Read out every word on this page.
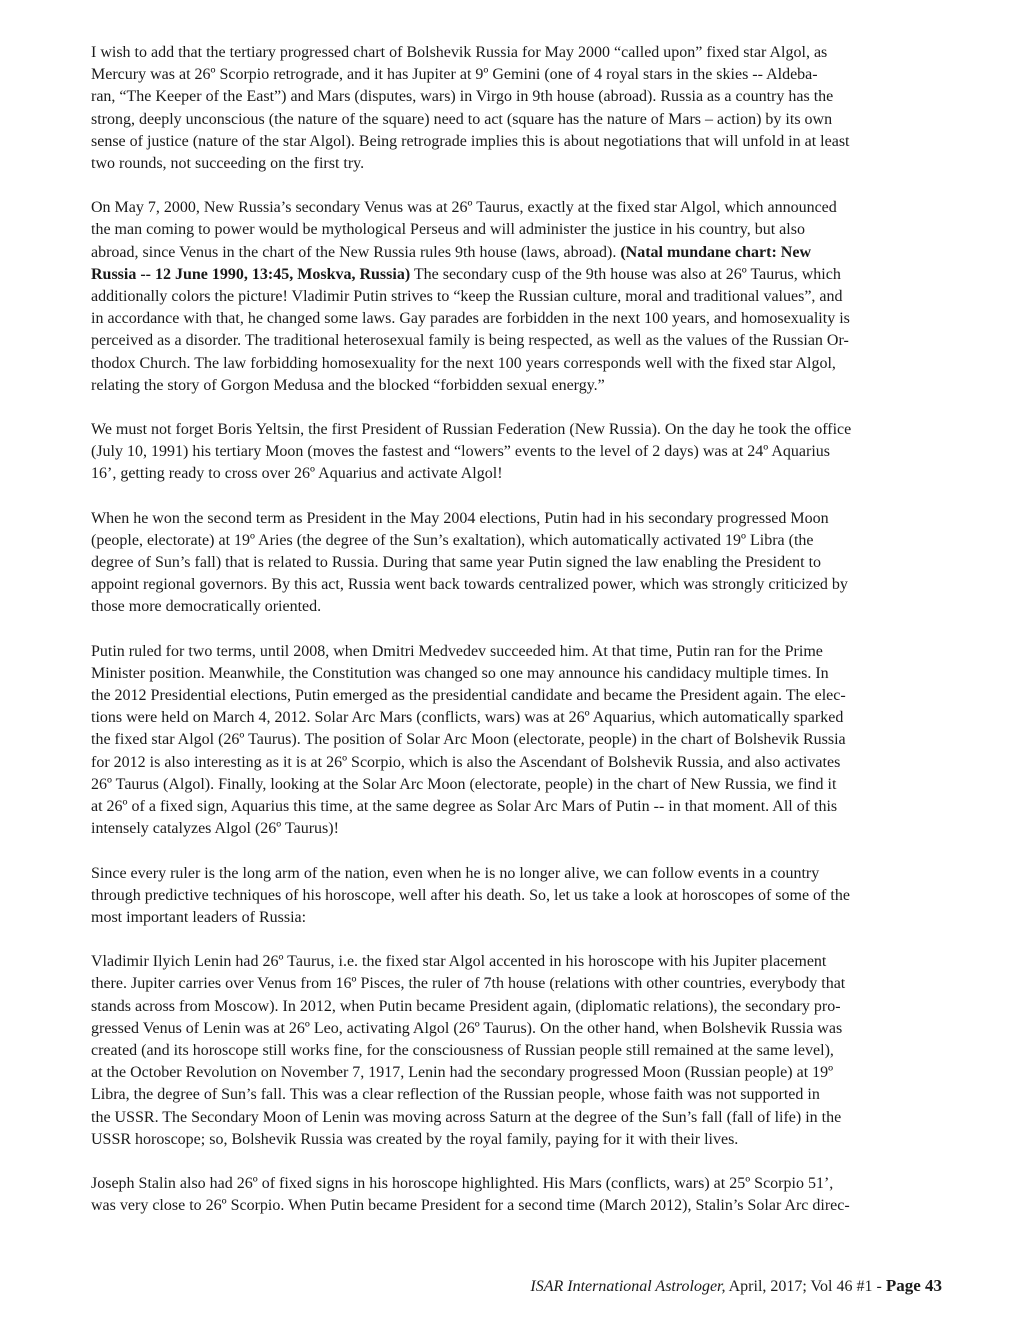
I wish to add that the tertiary progressed chart of Bolshevik Russia for May 2000 “called upon” fixed star Algol, as
Mercury was at 26º Scorpio retrograde, and it has Jupiter at 9º Gemini (one of 4 royal stars in the skies -- Aldeba-
ran, “The Keeper of the East”) and Mars (disputes, wars) in Virgo in 9th house (abroad). Russia as a country has the
strong, deeply unconscious (the nature of the square) need to act (square has the nature of Mars – action) by its own
sense of justice (nature of the star Algol). Being retrograde implies this is about negotiations that will unfold in at least
two rounds, not succeeding on the first try.

On May 7, 2000, New Russia’s secondary Venus was at 26º Taurus, exactly at the fixed star Algol, which announced
the man coming to power would be mythological Perseus and will administer the justice in his country, but also
abroad, since Venus in the chart of the New Russia rules 9th house (laws, abroad). (Natal mundane chart: New
Russia -- 12 June 1990, 13:45, Moskva, Russia) The secondary cusp of the 9th house was also at 26º Taurus, which
additionally colors the picture! Vladimir Putin strives to “keep the Russian culture, moral and traditional values”, and
in accordance with that, he changed some laws. Gay parades are forbidden in the next 100 years, and homosexuality is
perceived as a disorder. The traditional heterosexual family is being respected, as well as the values of the Russian Or-
thodox Church. The law forbidding homosexuality for the next 100 years corresponds well with the fixed star Algol,
relating the story of Gorgon Medusa and the blocked “forbidden sexual energy.”

We must not forget Boris Yeltsin, the first President of Russian Federation (New Russia). On the day he took the office
(July 10, 1991) his tertiary Moon (moves the fastest and “lowers” events to the level of 2 days) was at 24º Aquarius
16’, getting ready to cross over 26º Aquarius and activate Algol!

When he won the second term as President in the May 2004 elections, Putin had in his secondary progressed Moon
(people, electorate) at 19º Aries (the degree of the Sun’s exaltation), which automatically activated 19º Libra (the
degree of Sun’s fall) that is related to Russia. During that same year Putin signed the law enabling the President to
appoint regional governors. By this act, Russia went back towards centralized power, which was strongly criticized by
those more democratically oriented.

Putin ruled for two terms, until 2008, when Dmitri Medvedev succeeded him. At that time, Putin ran for the Prime
Minister position. Meanwhile, the Constitution was changed so one may announce his candidacy multiple times. In
the 2012 Presidential elections, Putin emerged as the presidential candidate and became the President again. The elec-
tions were held on March 4, 2012. Solar Arc Mars (conflicts, wars) was at 26º Aquarius, which automatically sparked
the fixed star Algol (26º Taurus). The position of Solar Arc Moon (electorate, people) in the chart of Bolshevik Russia
for 2012 is also interesting as it is at 26º Scorpio, which is also the Ascendant of Bolshevik Russia, and also activates
26º Taurus (Algol). Finally, looking at the Solar Arc Moon (electorate, people) in the chart of New Russia, we find it
at 26º of a fixed sign, Aquarius this time, at the same degree as Solar Arc Mars of Putin -- in that moment. All of this
intensely catalyzes Algol (26º Taurus)!

Since every ruler is the long arm of the nation, even when he is no longer alive, we can follow events in a country
through predictive techniques of his horoscope, well after his death. So, let us take a look at horoscopes of some of the
most important leaders of Russia:

Vladimir Ilyich Lenin had 26º Taurus, i.e. the fixed star Algol accented in his horoscope with his Jupiter placement
there. Jupiter carries over Venus from 16º Pisces, the ruler of 7th house (relations with other countries, everybody that
stands across from Moscow). In 2012, when Putin became President again, (diplomatic relations), the secondary pro-
gressed Venus of Lenin was at 26º Leo, activating Algol (26º Taurus). On the other hand, when Bolshevik Russia was
created (and its horoscope still works fine, for the consciousness of Russian people still remained at the same level),
at the October Revolution on November 7, 1917, Lenin had the secondary progressed Moon (Russian people) at 19º
Libra, the degree of Sun’s fall. This was a clear reflection of the Russian people, whose faith was not supported in
the USSR. The Secondary Moon of Lenin was moving across Saturn at the degree of the Sun’s fall (fall of life) in the
USSR horoscope; so, Bolshevik Russia was created by the royal family, paying for it with their lives.

Joseph Stalin also had 26º of fixed signs in his horoscope highlighted. His Mars (conflicts, wars) at 25º Scorpio 51’,
was very close to 26º Scorpio. When Putin became President for a second time (March 2012), Stalin’s Solar Arc direc-

ISAR International Astrologer, April, 2017; Vol 46 #1 - Page 43
